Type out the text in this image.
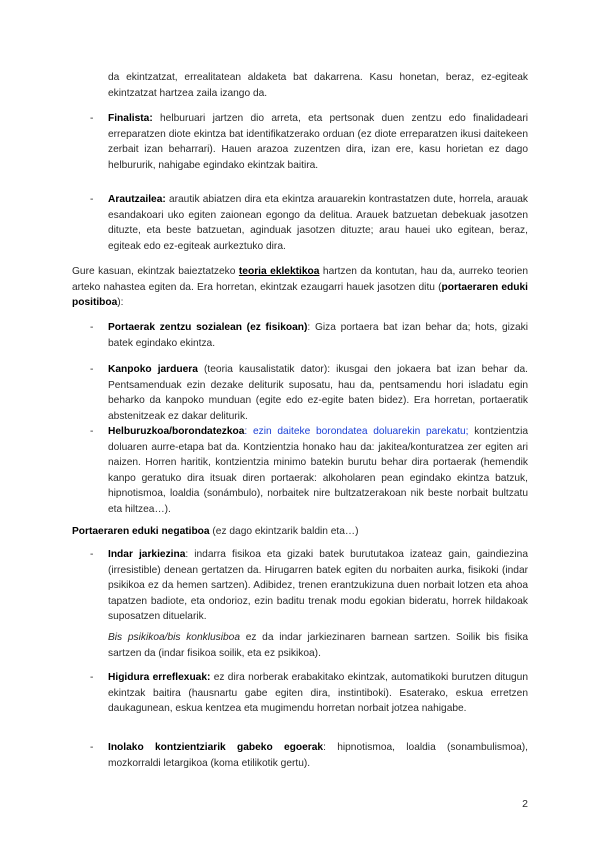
da ekintzatzat, errealitatean aldaketa bat dakarrena. Kasu honetan, beraz, ez-egiteak ekintzatzat hartzea zaila izango da.
- Finalista: helburuari jartzen dio arreta, eta pertsonak duen zentzu edo finalidadeari erreparatzen diote ekintza bat identifikatzerako orduan (ez diote erreparatzen ikusi daitekeen zerbait izan beharrari). Hauen arazoa zuzentzen dira, izan ere, kasu horietan ez dago helbururik, nahigabe egindako ekintzak baitira.
- Arautzailea: arautik abiatzen dira eta ekintza arauarekin kontrastatzen dute, horrela, arauak esandakoari uko egiten zaionean egongo da delitua. Arauek batzuetan debekuak jasotzen dituzte, eta beste batzuetan, aginduak jasotzen dituzte; arau hauei uko egitean, beraz, egiteak edo ez-egiteak aurkeztuko dira.
Gure kasuan, ekintzak baieztatzeko teoria eklektikoa hartzen da kontutan, hau da, aurreko teorien arteko nahastea egiten da. Era horretan, ekintzak ezaugarri hauek jasotzen ditu (portaeraren eduki positiboa):
- Portaerak zentzu sozialean (ez fisikoan): Giza portaera bat izan behar da; hots, gizaki batek egindako ekintza.
- Kanpoko jarduera (teoria kausalistatik dator): ikusgai den jokaera bat izan behar da. Pentsamenduak ezin dezake deliturik suposatu, hau da, pentsamendu hori isladatu egin beharko da kanpoko munduan (egite edo ez-egite baten bidez). Era horretan, portaeratik abstenitzeak ez dakar deliturik.
- Helburuzkoa/borondatezkoa: ezin daiteke borondatea doluarekin parekatu; kontzientzia doluaren aurre-etapa bat da. Kontzientzia honako hau da: jakitea/konturatzea zer egiten ari naizen. Horren haritik, kontzientzia minimo batekin burutu behar dira portaerak (hemendik kanpo geratuko dira itsuak diren portaerak: alkoholaren pean egindako ekintza batzuk, hipnotismoa, loaldia (sonámbulo), norbaitek nire bultzatzerakoan nik beste norbait bultzatu eta hiltzea…).
Portaeraren eduki negatiboa (ez dago ekintzarik baldin eta…)
- Indar jarkiezina: indarra fisikoa eta gizaki batek burututakoa izateaz gain, gaindiezina (irresistible) denean gertatzen da. Hirugarren batek egiten du norbaiten aurka, fisikoki (indar psikikoa ez da hemen sartzen). Adibidez, trenen erantzukizuna duen norbait lotzen eta ahoa tapatzen badiote, eta ondorioz, ezin baditu trenak modu egokian bideratu, horrek hildakoak suposatzen dituelarik.
Bis psikikoa/bis konklusiboa ez da indar jarkiezinaren barnean sartzen. Soilik bis fisika sartzen da (indar fisikoa soilik, eta ez psikikoa).
- Higidura erreflexuak: ez dira norberak erabakitako ekintzak, automatikoki burutzen ditugun ekintzak baitira (hausnartu gabe egiten dira, instintiboki). Esaterako, eskua erretzen daukagunean, eskua kentzea eta mugimendu horretan norbait jotzea nahigabe.
- Inolako kontzientziarik gabeko egoerak: hipnotismoa, loaldia (sonambulismoa), mozkorraldi letargikoa (koma etilikotik gertu).
2
